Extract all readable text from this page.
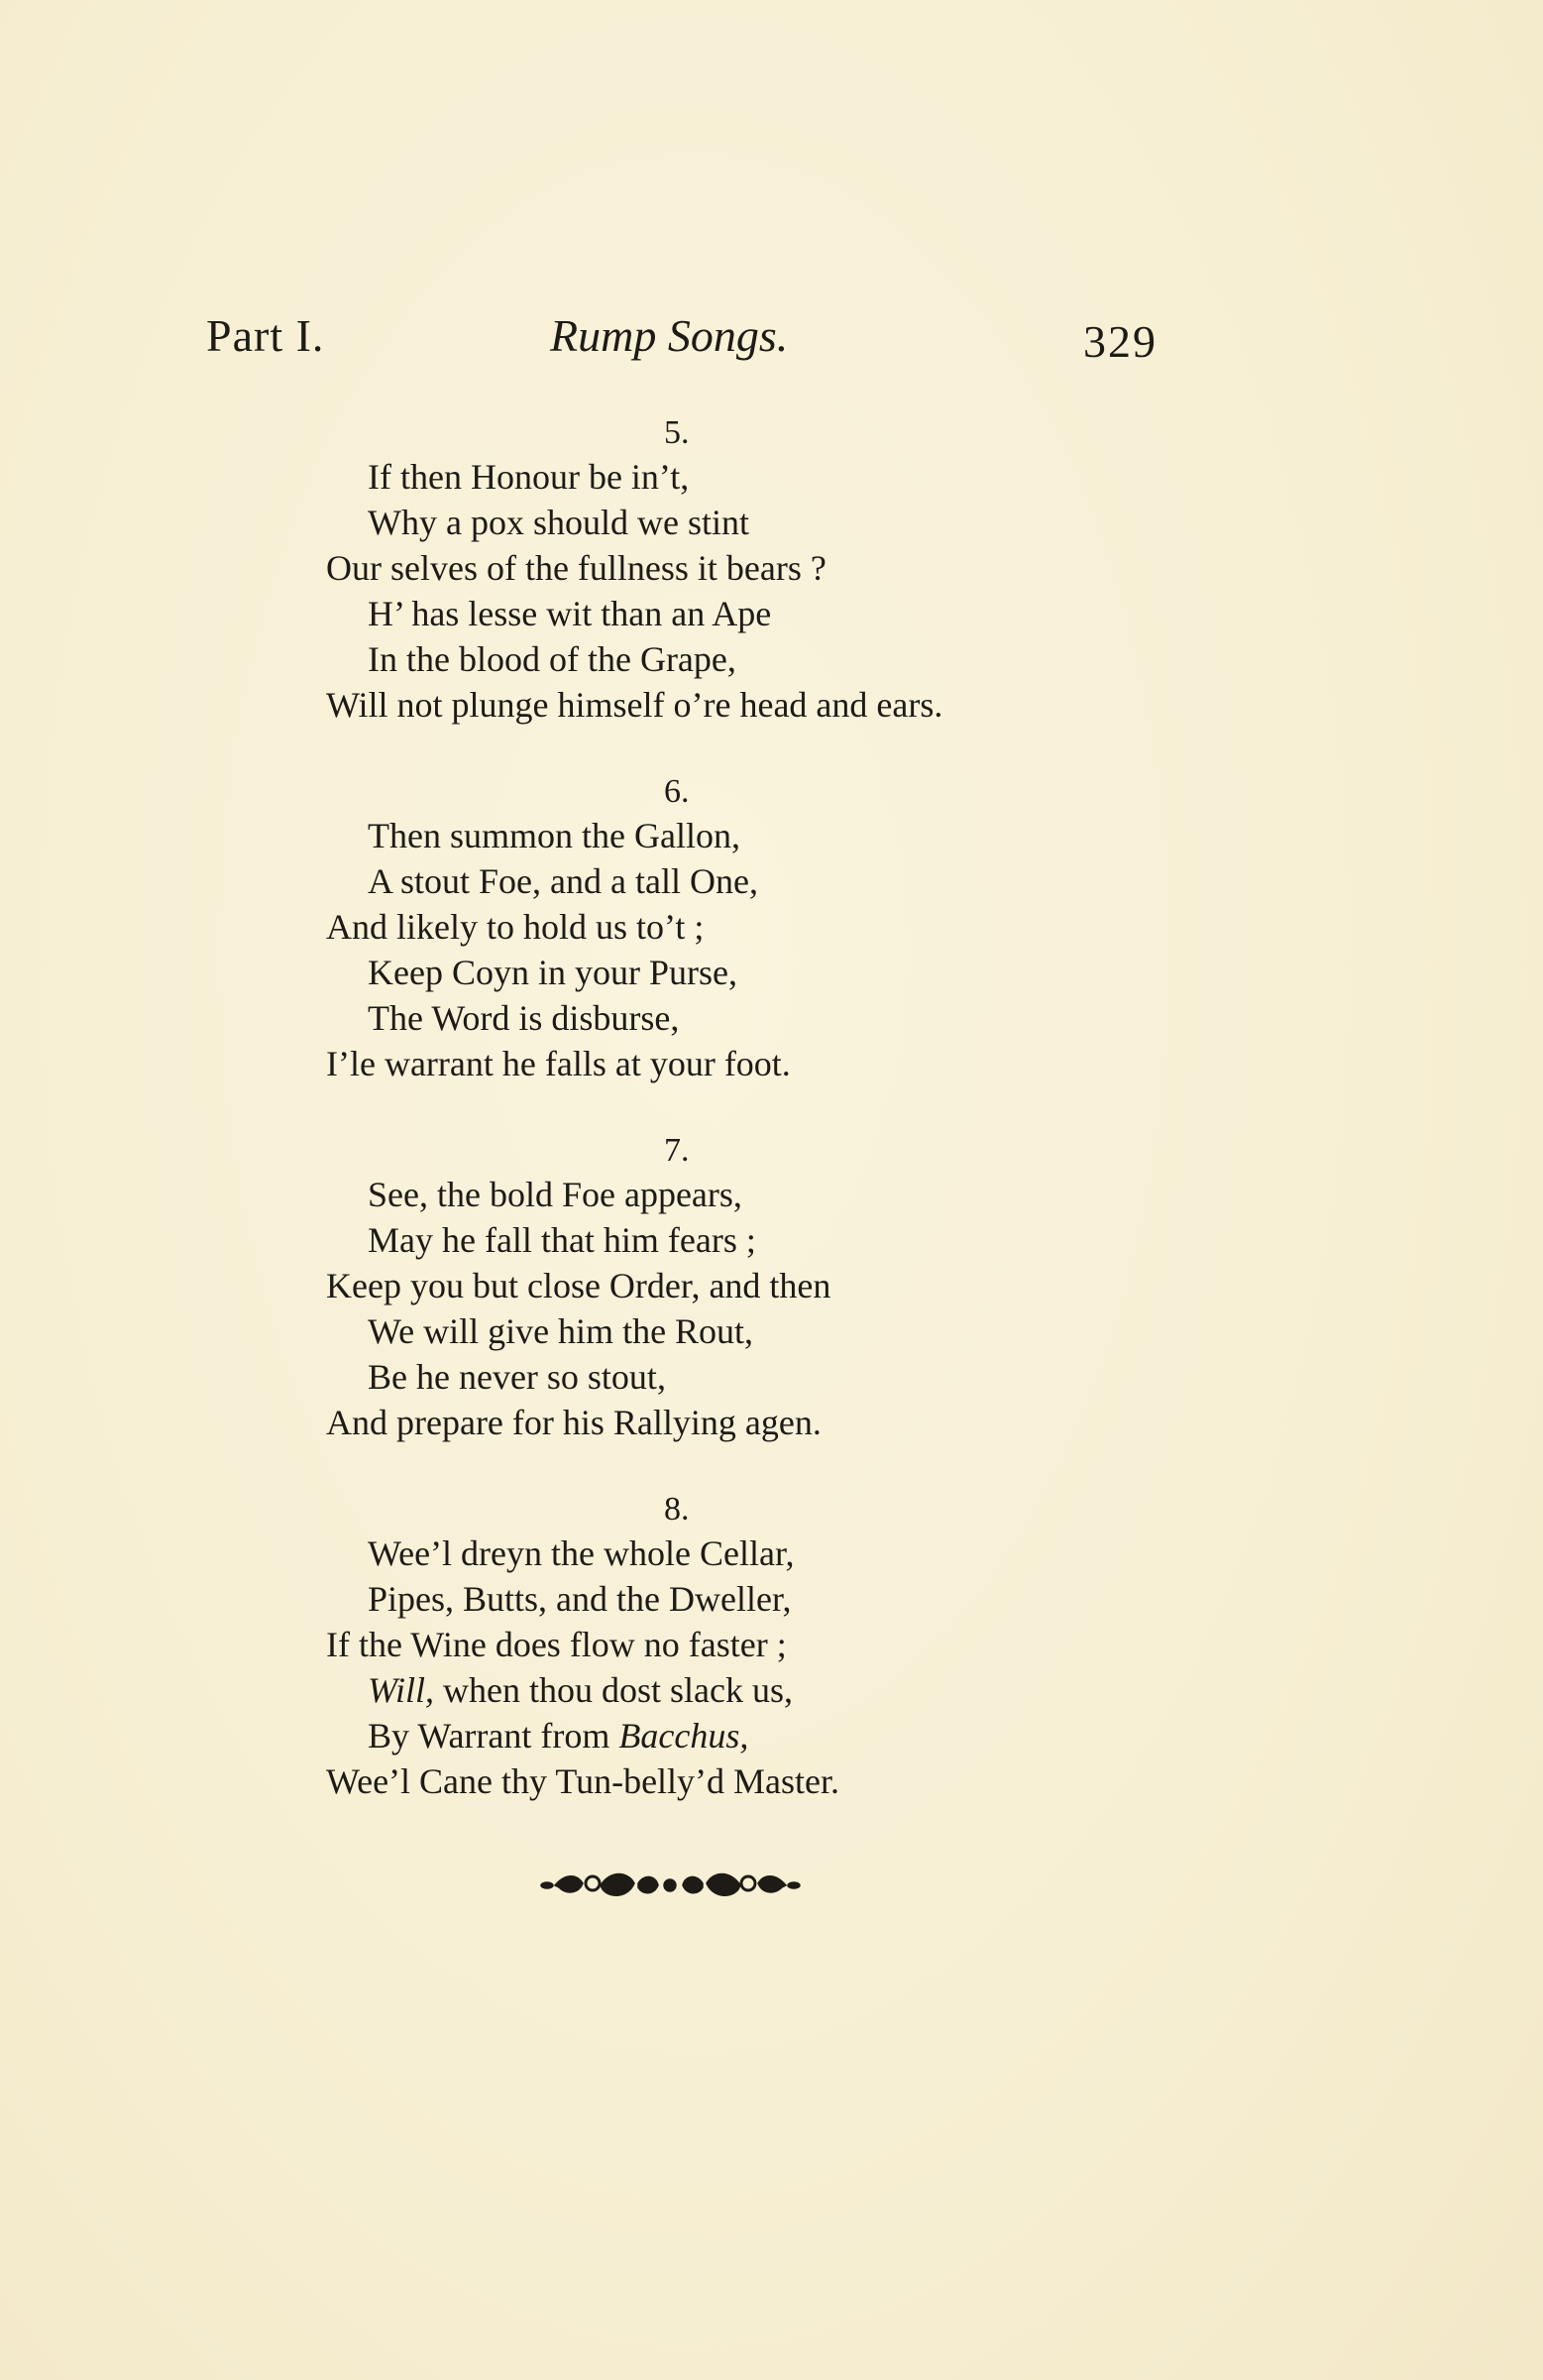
Part I.	Rump Songs.	329
5.
If then Honour be in’t,
Why a pox should we stint
Our selves of the fullness it bears ?
H’ has lesse wit than an Ape
In the blood of the Grape,
Will not plunge himself o’re head and ears.
6.
Then summon the Gallon,
A stout Foe, and a tall One,
And likely to hold us to’t ;
Keep Coyn in your Purse,
The Word is disburse,
I’le warrant he falls at your foot.
7.
See, the bold Foe appears,
May he fall that him fears ;
Keep you but close Order, and then
We will give him the Rout,
Be he never so stout,
And prepare for his Rallying agen.
8.
Wee’l dreyn the whole Cellar,
Pipes, Butts, and the Dweller,
If the Wine does flow no faster ;
Will, when thou dost slack us,
By Warrant from Bacchus,
Wee’l Cane thy Tun-belly’d Master.
